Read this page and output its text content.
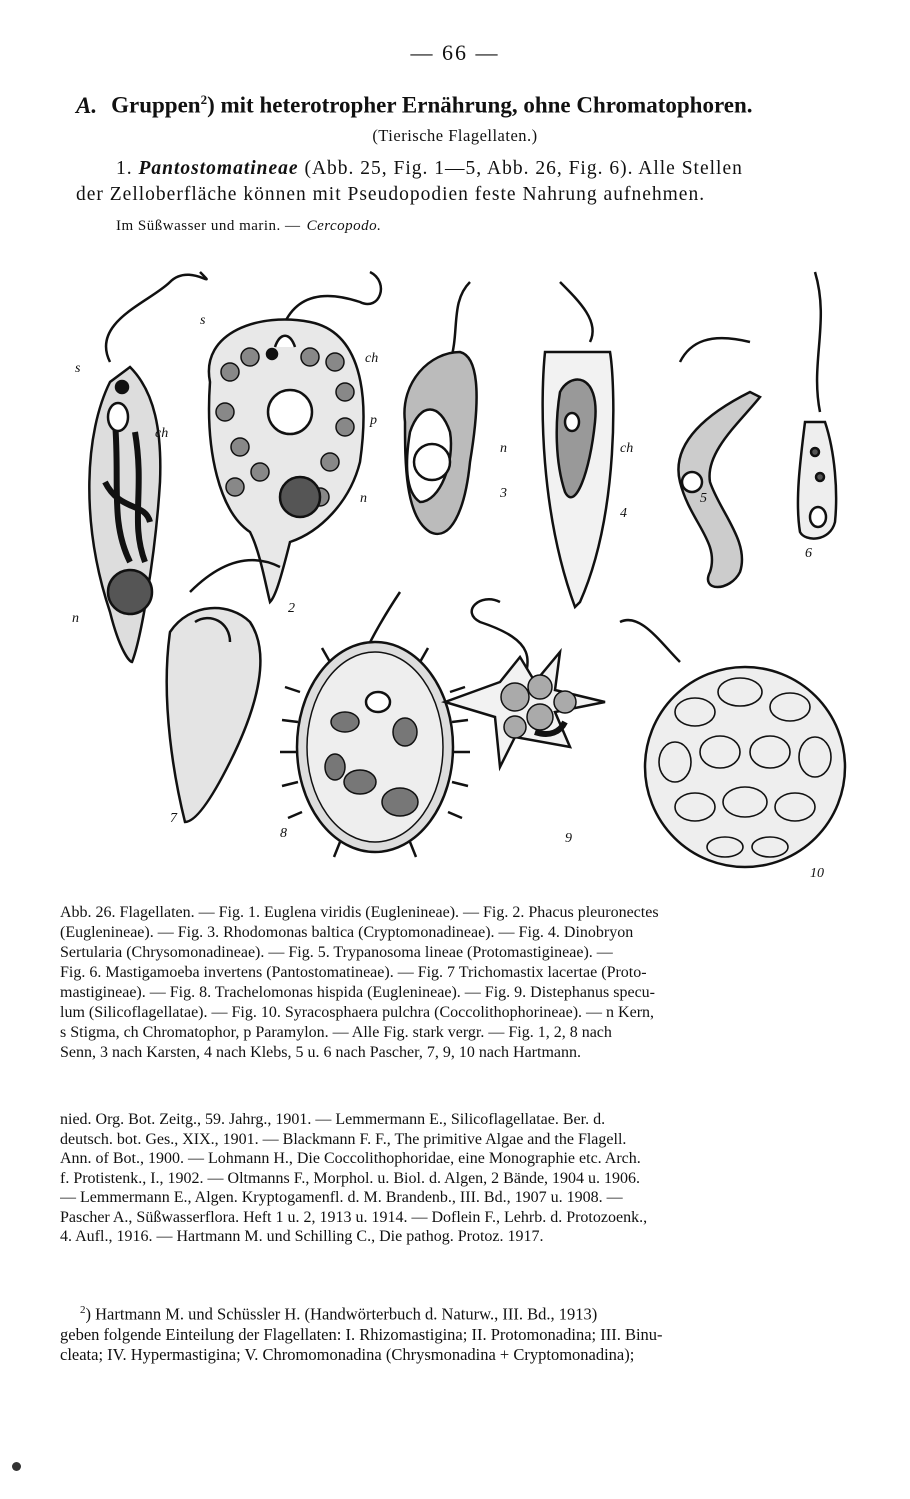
— 66 —
A. Gruppen$^2$) mit heterotropher Ernährung, ohne Chromatophoren.
(Tierische Flagellaten.)
1. Pantostomatineae (Abb. 25, Fig. 1—5, Abb. 26, Fig. 6). Alle Stellen
der Zelloberfläche können mit Pseudopodien feste Nahrung aufnehmen.
Im Süßwasser und marin. — Cercopodo.
s
ch
n
s
ch
p
n
2
n
3
ch
4
5
6
7
8	9
10
Abb. 26. Flagellaten. — Fig. 1. Euglena viridis (Euglenineae). — Fig. 2. Phacus pleuronectes
(Euglenineae). — Fig. 3. Rhodomonas baltica (Cryptomonadineae). — Fig. 4. Dinobryon
Sertularia (Chrysomonadineae). — Fig. 5. Trypanosoma lineae (Protomastigineae). —
Fig. 6. Mastigamoeba invertens (Pantostomatineae). — Fig. 7 Trichomastix lacertae (Proto-
mastigineae). — Fig. 8. Trachelomonas hispida (Euglenineae). — Fig. 9. Distephanus specu-
lum (Silicoflagellatae). — Fig. 10. Syracosphaera pulchra (Coccolithophorineae). — n Kern,
s Stigma, ch Chromatophor, p Paramylon. — Alle Fig. stark vergr. — Fig. 1, 2, 8 nach
Senn, 3 nach Karsten, 4 nach Klebs, 5 u. 6 nach Pascher, 7, 9, 10 nach Hartmann.
nied. Org. Bot. Zeitg., 59. Jahrg., 1901. — Lemmermann E., Silicoflagellatae. Ber. d.
deutsch. bot. Ges., XIX., 1901. — Blackmann F. F., The primitive Algae and the Flagell.
Ann. of Bot., 1900. — Lohmann H., Die Coccolithophoridae, eine Monographie etc. Arch.
f. Protistenk., I., 1902. — Oltmanns F., Morphol. u. Biol. d. Algen, 2 Bände, 1904 u. 1906.
— Lemmermann E., Algen. Kryptogamenfl. d. M. Brandenb., III. Bd., 1907 u. 1908. —
Pascher A., Süßwasserflora. Heft 1 u. 2, 1913 u. 1914. — Doflein F., Lehrb. d. Protozoenk.,
4. Aufl., 1916. — Hartmann M. und Schilling C., Die pathog. Protoz. 1917.
$^2$) Hartmann M. und Schüssler H. (Handwörterbuch d. Naturw., III. Bd., 1913)
geben folgende Einteilung der Flagellaten: I. Rhizomastigina; II. Protomonadina; III. Binu-
cleata; IV. Hypermastigina; V. Chromomonadina (Chrysmonadina + Cryptomonadina);
